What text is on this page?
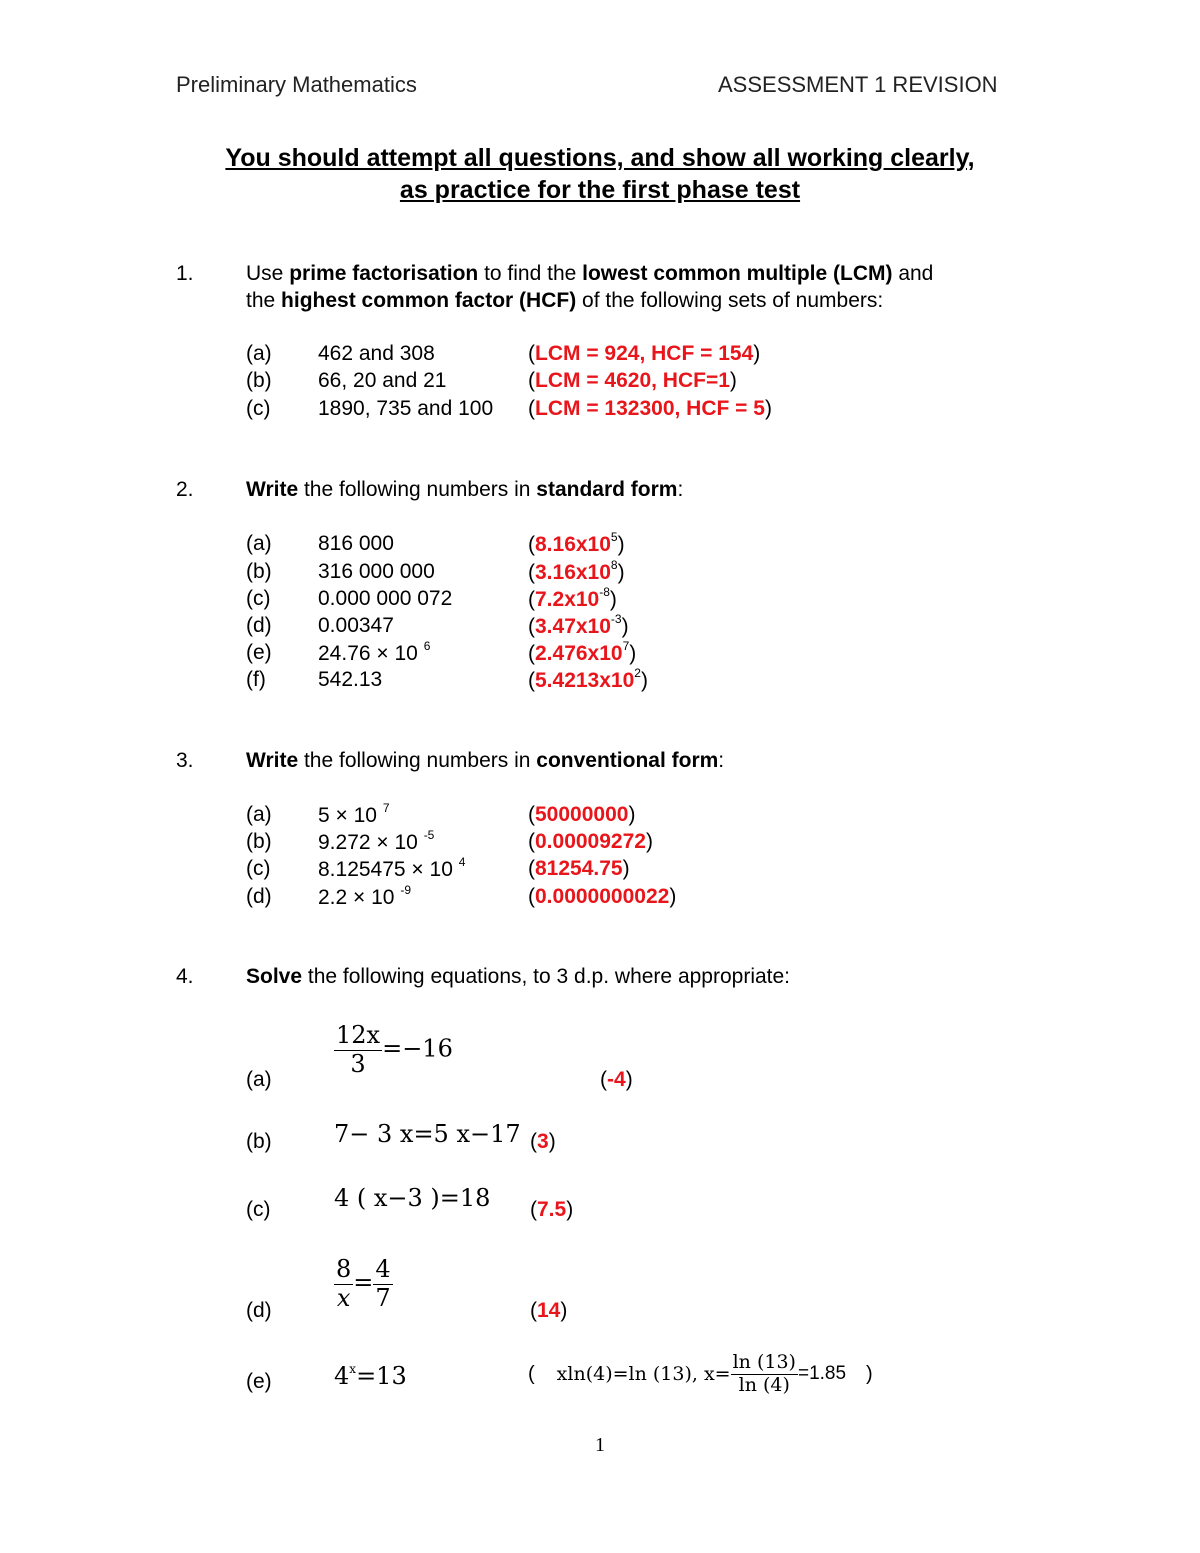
Preliminary Mathematics	ASSESSMENT 1 REVISION
You should attempt all questions, and show all working clearly,
as practice for the first phase test
1. Use prime factorisation to find the lowest common multiple (LCM) and
the highest common factor (HCF) of the following sets of numbers:
(a) 462 and 308	(LCM = 924, HCF = 154)
(b) 66, 20 and 21	(LCM = 4620, HCF=1)
(c) 1890, 735 and 100 (LCM = 132300, HCF = 5)
2. Write the following numbers in standard form:
(a) 816 000	$(8.16x10^5)$
(b) 316 000 000	$(3.16x10^8)$
(c) 0.000 000 072	$(7.2x10^{-8})$
(d) 0.00347	$(3.47x10^{-3})$
(e) 24.76 × 10 $^6$	$(2.476x10^7)$
(f) 542.13	$(5.4213x10^2)$
3. Write the following numbers in conventional form:
(a) 5 × 10 $^7$	(50000000)
(b) 9.272 × 10 $^{-5}$	(0.00009272)
(c) 8.125475 × 10 $^4$	(81254.75)
(d) 2.2 × 10 $^{-9}$	(0.0000000022)
4. Solve the following equations, to 3 d.p. where appropriate:
(a)
$\frac{12x}{3} =-16$
(-4)
(b)	7− 3 x=5 x−17 (3)
(c)	4 ( x−3 )=18 (7.5)
(d)	$\frac{8}{x} = \frac{4}{7}$	(14)
(e)	$4^x=13$	( xln(4)=ln (13), $x= \frac{\ln (13)}{\ln (4)} =1.85$ )
1
